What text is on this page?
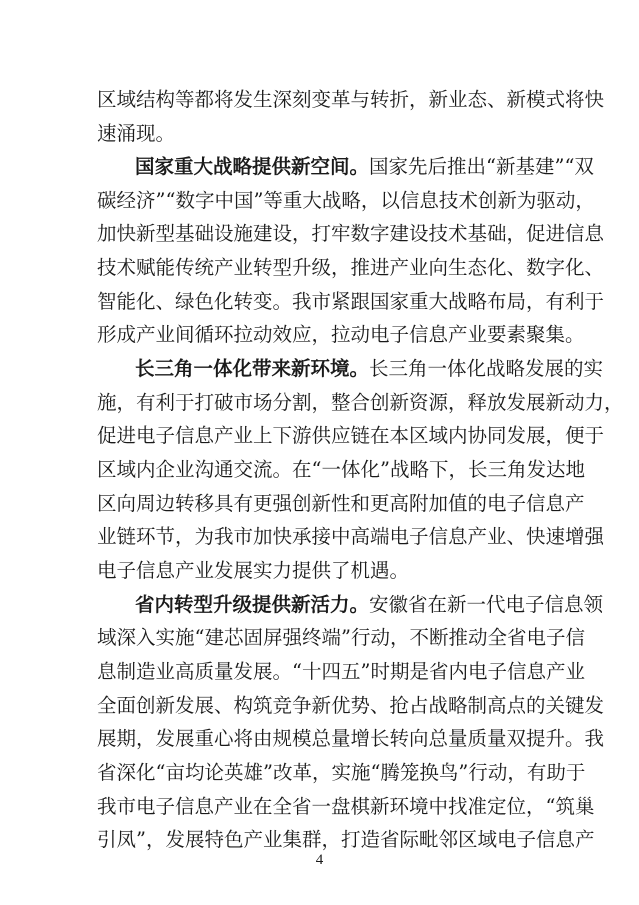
区域结构等都将发生深刻变革与转折，新业态、新模式将快
速涌现。
国家重大战略提供新空间。国家先后推出“新基建”“双
碳经济”“数字中国”等重大战略，以信息技术创新为驱动，
加快新型基础设施建设，打牢数字建设技术基础，促进信息
技术赋能传统产业转型升级，推进产业向生态化、数字化、
智能化、绿色化转变。我市紧跟国家重大战略布局，有利于
形成产业间循环拉动效应，拉动电子信息产业要素聚集。
长三角一体化带来新环境。长三角一体化战略发展的实
施，有利于打破市场分割，整合创新资源，释放发展新动力，
促进电子信息产业上下游供应链在本区域内协同发展，便于
区域内企业沟通交流。在“一体化”战略下，长三角发达地
区向周边转移具有更强创新性和更高附加值的电子信息产
业链环节，为我市加快承接中高端电子信息产业、快速增强
电子信息产业发展实力提供了机遇。
省内转型升级提供新活力。安徽省在新一代电子信息领
域深入实施“建芯固屏强终端”行动，不断推动全省电子信
息制造业高质量发展。“十四五”时期是省内电子信息产业
全面创新发展、构筑竞争新优势、抢占战略制高点的关键发
展期，发展重心将由规模总量增长转向总量质量双提升。我
省深化“亩均论英雄”改革，实施“腾笼换鸟”行动，有助于
我市电子信息产业在全省一盘棋新环境中找准定位，“筑巢
引凤”，发展特色产业集群，打造省际毗邻区域电子信息产
4
